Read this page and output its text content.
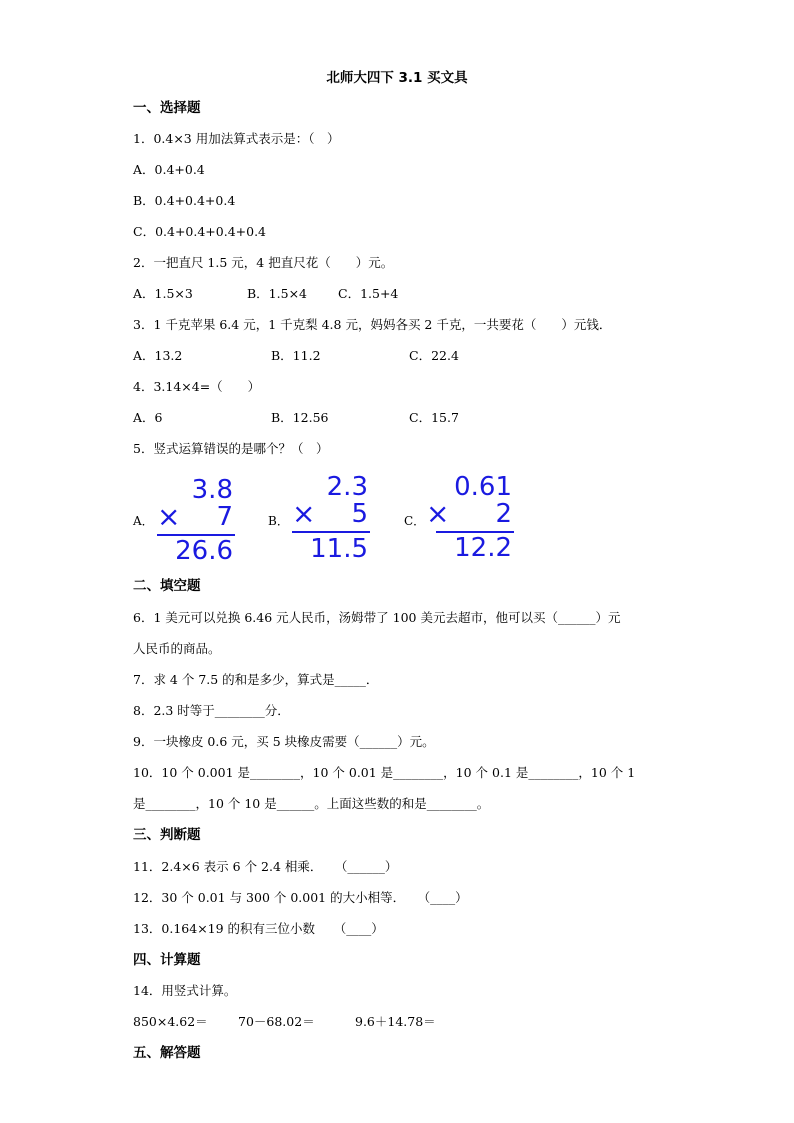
北师大四下 3.1 买文具
一、选择题
1．0.4×3 用加法算式表示是：（　）
A．0.4+0.4
B．0.4+0.4+0.4
C．0.4+0.4+0.4+0.4
2．一把直尺 1.5 元，4 把直尺花（　　）元。
A．1.5×3	B．1.5×4 C．1.5+4
3．1 千克苹果 6.4 元，1 千克梨 4.8 元，妈妈各买 2 千克，一共要花（　　）元钱．
A．13.2	B．11.2	C．22.4
4．3.14×4=（　　）
A．6	B．12.56	C．15.7
5．竖式运算错误的是哪个？（　）
A．
3.8
× 7
26.6
B．
2.3
× 5
11.5
C．
0.61
× 2
12.2
二、填空题
6．1 美元可以兑换 6.46 元人民币，汤姆带了 100 美元去超市，他可以买（______）元
人民币的商品。
7．求 4 个 7.5 的和是多少，算式是_____．
8．2.3 时等于________分．
9．一块橡皮 0.6 元，买 5 块橡皮需要（______）元。
10．10 个 0.001 是________，10 个 0.01 是________，10 个 0.1 是________，10 个 1
是________，10 个 10 是______。上面这些数的和是________。
三、判断题
11．2.4×6 表示 6 个 2.4 相乘．　　（______）
12．30 个 0.01 与 300 个 0.001 的大小相等．　　（____）
13．0.164×19 的积有三位小数　　（____）
四、计算题
14．用竖式计算。
850×4.62＝ 70－68.02＝	9.6＋14.78＝
五、解答题
